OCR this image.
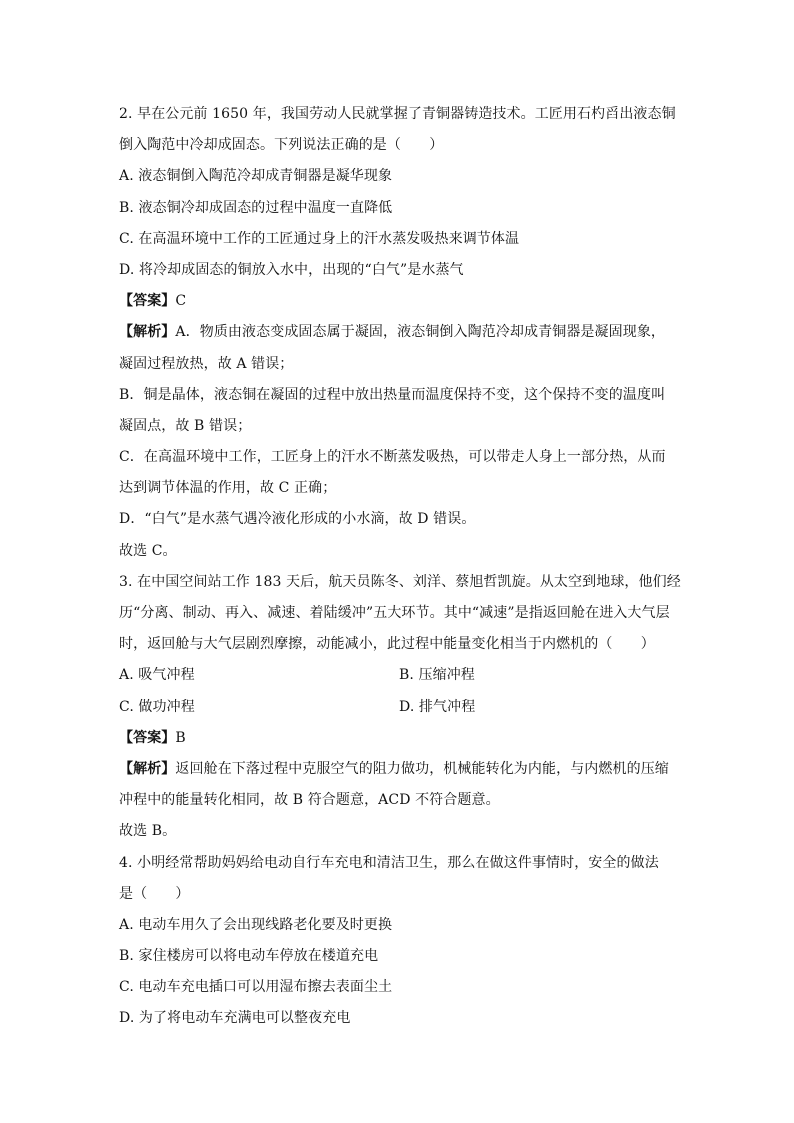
2. 早在公元前 1650 年，我国劳动人民就掌握了青铜器铸造技术。工匠用石杓舀出液态铜
倒入陶范中冷却成固态。下列说法正确的是（　　）
A. 液态铜倒入陶范冷却成青铜器是凝华现象
B. 液态铜冷却成固态的过程中温度一直降低
C. 在高温环境中工作的工匠通过身上的汗水蒸发吸热来调节体温
D. 将冷却成固态的铜放入水中，出现的“白气”是水蒸气
【答案】C
【解析】A．物质由液态变成固态属于凝固，液态铜倒入陶范冷却成青铜器是凝固现象，
凝固过程放热，故 A 错误；
B．铜是晶体，液态铜在凝固的过程中放出热量而温度保持不变，这个保持不变的温度叫
凝固点，故 B 错误；
C．在高温环境中工作，工匠身上的汗水不断蒸发吸热，可以带走人身上一部分热，从而
达到调节体温的作用，故 C 正确；
D．“白气”是水蒸气遇冷液化形成的小水滴，故 D 错误。
故选 C。
3. 在中国空间站工作 183 天后，航天员陈冬、刘洋、蔡旭哲凯旋。从太空到地球，他们经
历“分离、制动、再入、减速、着陆缓冲”五大环节。其中“减速”是指返回舱在进入大气层
时，返回舱与大气层剧烈摩擦，动能减小，此过程中能量变化相当于内燃机的（　　）
A. 吸气冲程	B. 压缩冲程
C. 做功冲程	D. 排气冲程
【答案】B
【解析】返回舱在下落过程中克服空气的阻力做功，机械能转化为内能，与内燃机的压缩
冲程中的能量转化相同，故 B 符合题意，ACD 不符合题意。
故选 B。
4. 小明经常帮助妈妈给电动自行车充电和清洁卫生，那么在做这件事情时，安全的做法
是（　　）
A. 电动车用久了会出现线路老化要及时更换
B. 家住楼房可以将电动车停放在楼道充电
C. 电动车充电插口可以用湿布擦去表面尘土
D. 为了将电动车充满电可以整夜充电
